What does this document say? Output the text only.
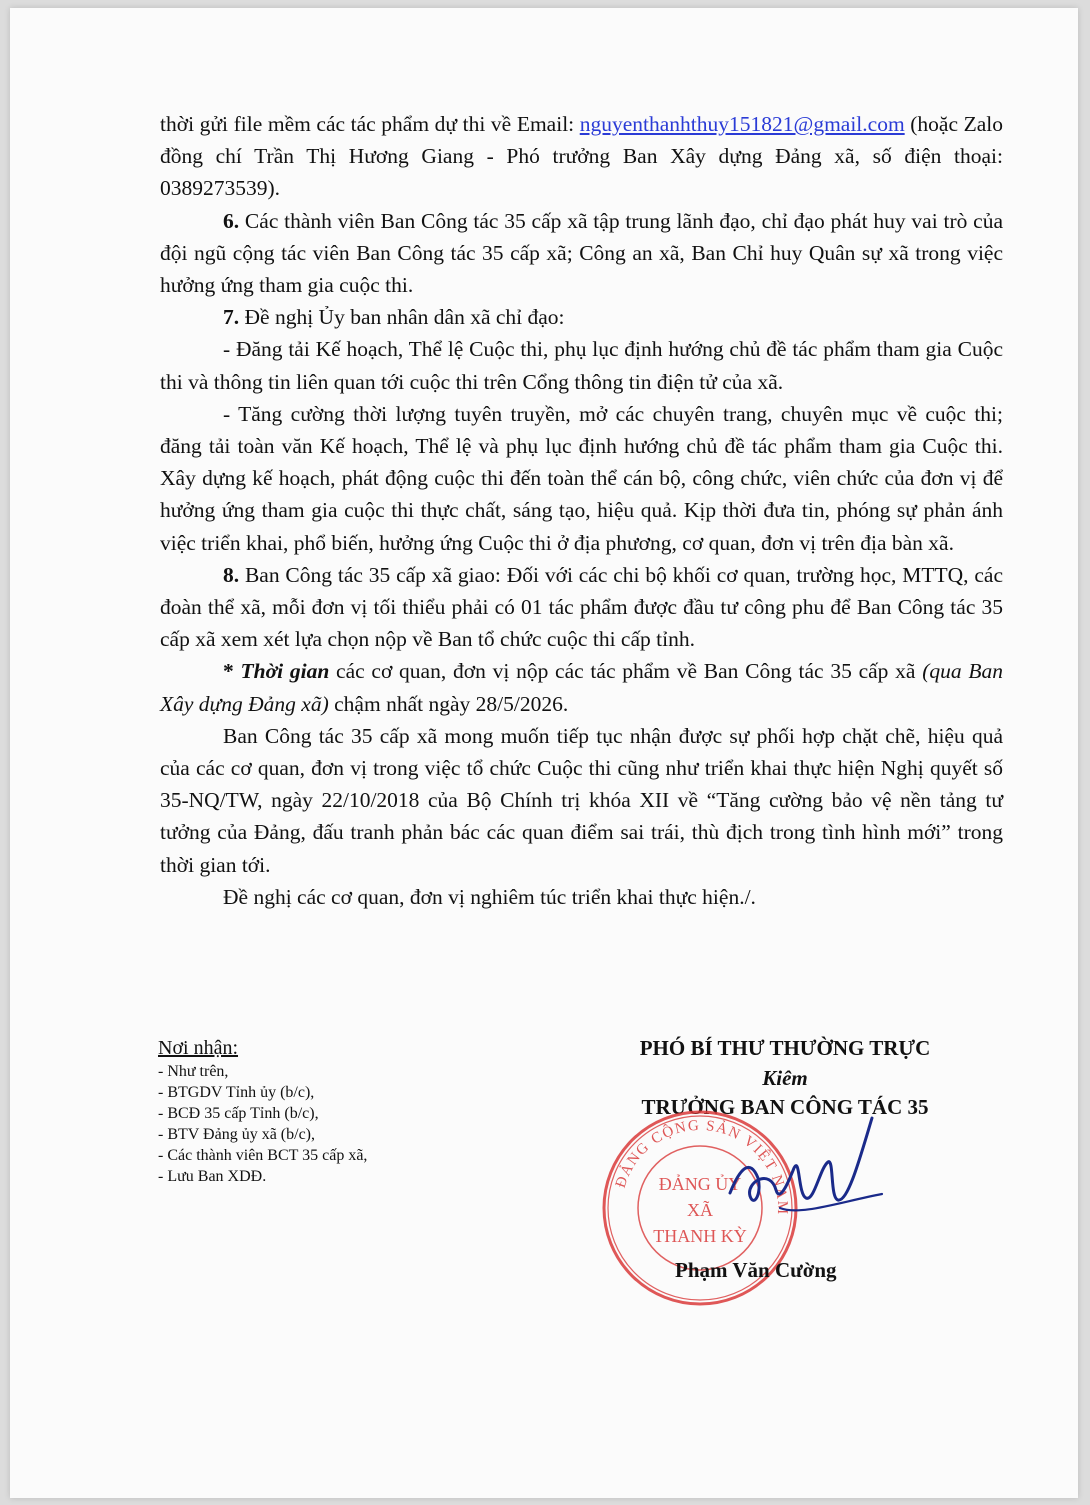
thời gửi file mềm các tác phẩm dự thi về Email: nguyenthanhthuy151821@gmail.com (hoặc Zalo đồng chí Trần Thị Hương Giang - Phó trưởng Ban Xây dựng Đảng xã, số điện thoại: 0389273539).

6. Các thành viên Ban Công tác 35 cấp xã tập trung lãnh đạo, chỉ đạo phát huy vai trò của đội ngũ cộng tác viên Ban Công tác 35 cấp xã; Công an xã, Ban Chỉ huy Quân sự xã trong việc hưởng ứng tham gia cuộc thi.

7. Đề nghị Ủy ban nhân dân xã chỉ đạo:

- Đăng tải Kế hoạch, Thể lệ Cuộc thi, phụ lục định hướng chủ đề tác phẩm tham gia Cuộc thi và thông tin liên quan tới cuộc thi trên Cổng thông tin điện tử của xã.

- Tăng cường thời lượng tuyên truyền, mở các chuyên trang, chuyên mục về cuộc thi; đăng tải toàn văn Kế hoạch, Thể lệ và phụ lục định hướng chủ đề tác phẩm tham gia Cuộc thi. Xây dựng kế hoạch, phát động cuộc thi đến toàn thể cán bộ, công chức, viên chức của đơn vị để hưởng ứng tham gia cuộc thi thực chất, sáng tạo, hiệu quả. Kịp thời đưa tin, phóng sự phản ánh việc triển khai, phổ biến, hưởng ứng Cuộc thi ở địa phương, cơ quan, đơn vị trên địa bàn xã.

8. Ban Công tác 35 cấp xã giao: Đối với các chi bộ khối cơ quan, trường học, MTTQ, các đoàn thể xã, mỗi đơn vị tối thiểu phải có 01 tác phẩm được đầu tư công phu để Ban Công tác 35 cấp xã xem xét lựa chọn nộp về Ban tổ chức cuộc thi cấp tỉnh.

* Thời gian các cơ quan, đơn vị nộp các tác phẩm về Ban Công tác 35 cấp xã (qua Ban Xây dựng Đảng xã) chậm nhất ngày 28/5/2026.

Ban Công tác 35 cấp xã mong muốn tiếp tục nhận được sự phối hợp chặt chẽ, hiệu quả của các cơ quan, đơn vị trong việc tổ chức Cuộc thi cũng như triển khai thực hiện Nghị quyết số 35-NQ/TW, ngày 22/10/2018 của Bộ Chính trị khóa XII về “Tăng cường bảo vệ nền tảng tư tưởng của Đảng, đấu tranh phản bác các quan điểm sai trái, thù địch trong tình hình mới” trong thời gian tới.

Đề nghị các cơ quan, đơn vị nghiêm túc triển khai thực hiện./.

Nơi nhận:

- Như trên,

- BTGDV Tỉnh ủy (b/c),

- BCĐ 35 cấp Tỉnh (b/c),

- BTV Đảng ủy xã (b/c),

- Các thành viên BCT 35 cấp xã,

- Lưu Ban XDĐ.

PHÓ BÍ THƯ THƯỜNG TRỰC
Kiêm
TRƯỞNG BAN CÔNG TÁC 35
ĐẢNG CỘNG SẢN VIỆT NAM
ĐẢNG ỦY
XÃ
THANH KỲ
Phạm Văn Cường
